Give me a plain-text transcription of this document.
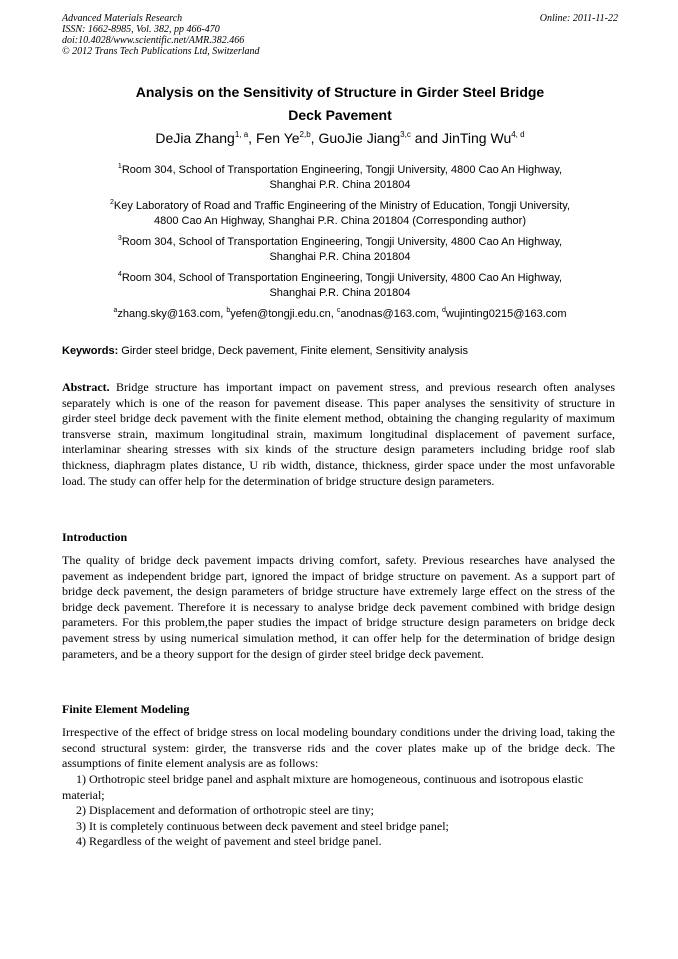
Advanced Materials Research
ISSN: 1662-8985, Vol. 382, pp 466-470
doi:10.4028/www.scientific.net/AMR.382.466
© 2012 Trans Tech Publications Ltd, Switzerland
Online: 2011-11-22
Analysis on the Sensitivity of Structure in Girder Steel Bridge
Deck Pavement
DeJia Zhang$^{1, a}$, Fen Ye$^{2,b}$, GuoJie Jiang$^{3,c}$ and JinTing Wu$^{4, d}$
$^1$Room 304, School of Transportation Engineering, Tongji University, 4800 Cao An Highway,
Shanghai P.R. China 201804
$^2$Key Laboratory of Road and Traffic Engineering of the Ministry of Education, Tongji University,
4800 Cao An Highway, Shanghai P.R. China 201804 (Corresponding author)
$^3$Room 304, School of Transportation Engineering, Tongji University, 4800 Cao An Highway,
Shanghai P.R. China 201804
$^4$Room 304, School of Transportation Engineering, Tongji University, 4800 Cao An Highway,
Shanghai P.R. China 201804
$^a$zhang.sky@163.com, $^b$yefen@tongji.edu.cn, $^c$anodnas@163.com, $^d$wujinting0215@163.com
Keywords: Girder steel bridge, Deck pavement, Finite element, Sensitivity analysis
Abstract. Bridge structure has important impact on pavement stress, and previous research often analyses separately which is one of the reason for pavement disease. This paper analyses the sensitivity of structure in girder steel bridge deck pavement with the finite element method, obtaining the changing regularity of maximum transverse strain, maximum longitudinal strain, maximum longitudinal displacement of pavement surface, interlaminar shearing stresses with six kinds of the structure design parameters including bridge roof slab thickness, diaphragm plates distance, U rib width, distance, thickness, girder space under the most unfavorable load. The study can offer help for the determination of bridge structure design parameters.
Introduction
The quality of bridge deck pavement impacts driving comfort, safety. Previous researches have analysed the pavement as independent bridge part, ignored the impact of bridge structure on pavement. As a support part of bridge deck pavement, the design parameters of bridge structure have extremely large effect on the stress of the bridge deck pavement. Therefore it is necessary to analyse bridge deck pavement combined with bridge design parameters. For this problem,the paper studies the impact of bridge structure design parameters on bridge deck pavement stress by using numerical simulation method, it can offer help for the determination of bridge design parameters, and be a theory support for the design of girder steel bridge deck pavement.
Finite Element Modeling
Irrespective of the effect of bridge stress on local modeling boundary conditions under the driving load, taking the second structural system: girder, the transverse rids and the cover plates make up of the bridge deck. The assumptions of finite element analysis are as follows:
1) Orthotropic steel bridge panel and asphalt mixture are homogeneous, continuous and isotropous elastic material;
2) Displacement and deformation of orthotropic steel are tiny;
3) It is completely continuous between deck pavement and steel bridge panel;
4) Regardless of the weight of pavement and steel bridge panel.
